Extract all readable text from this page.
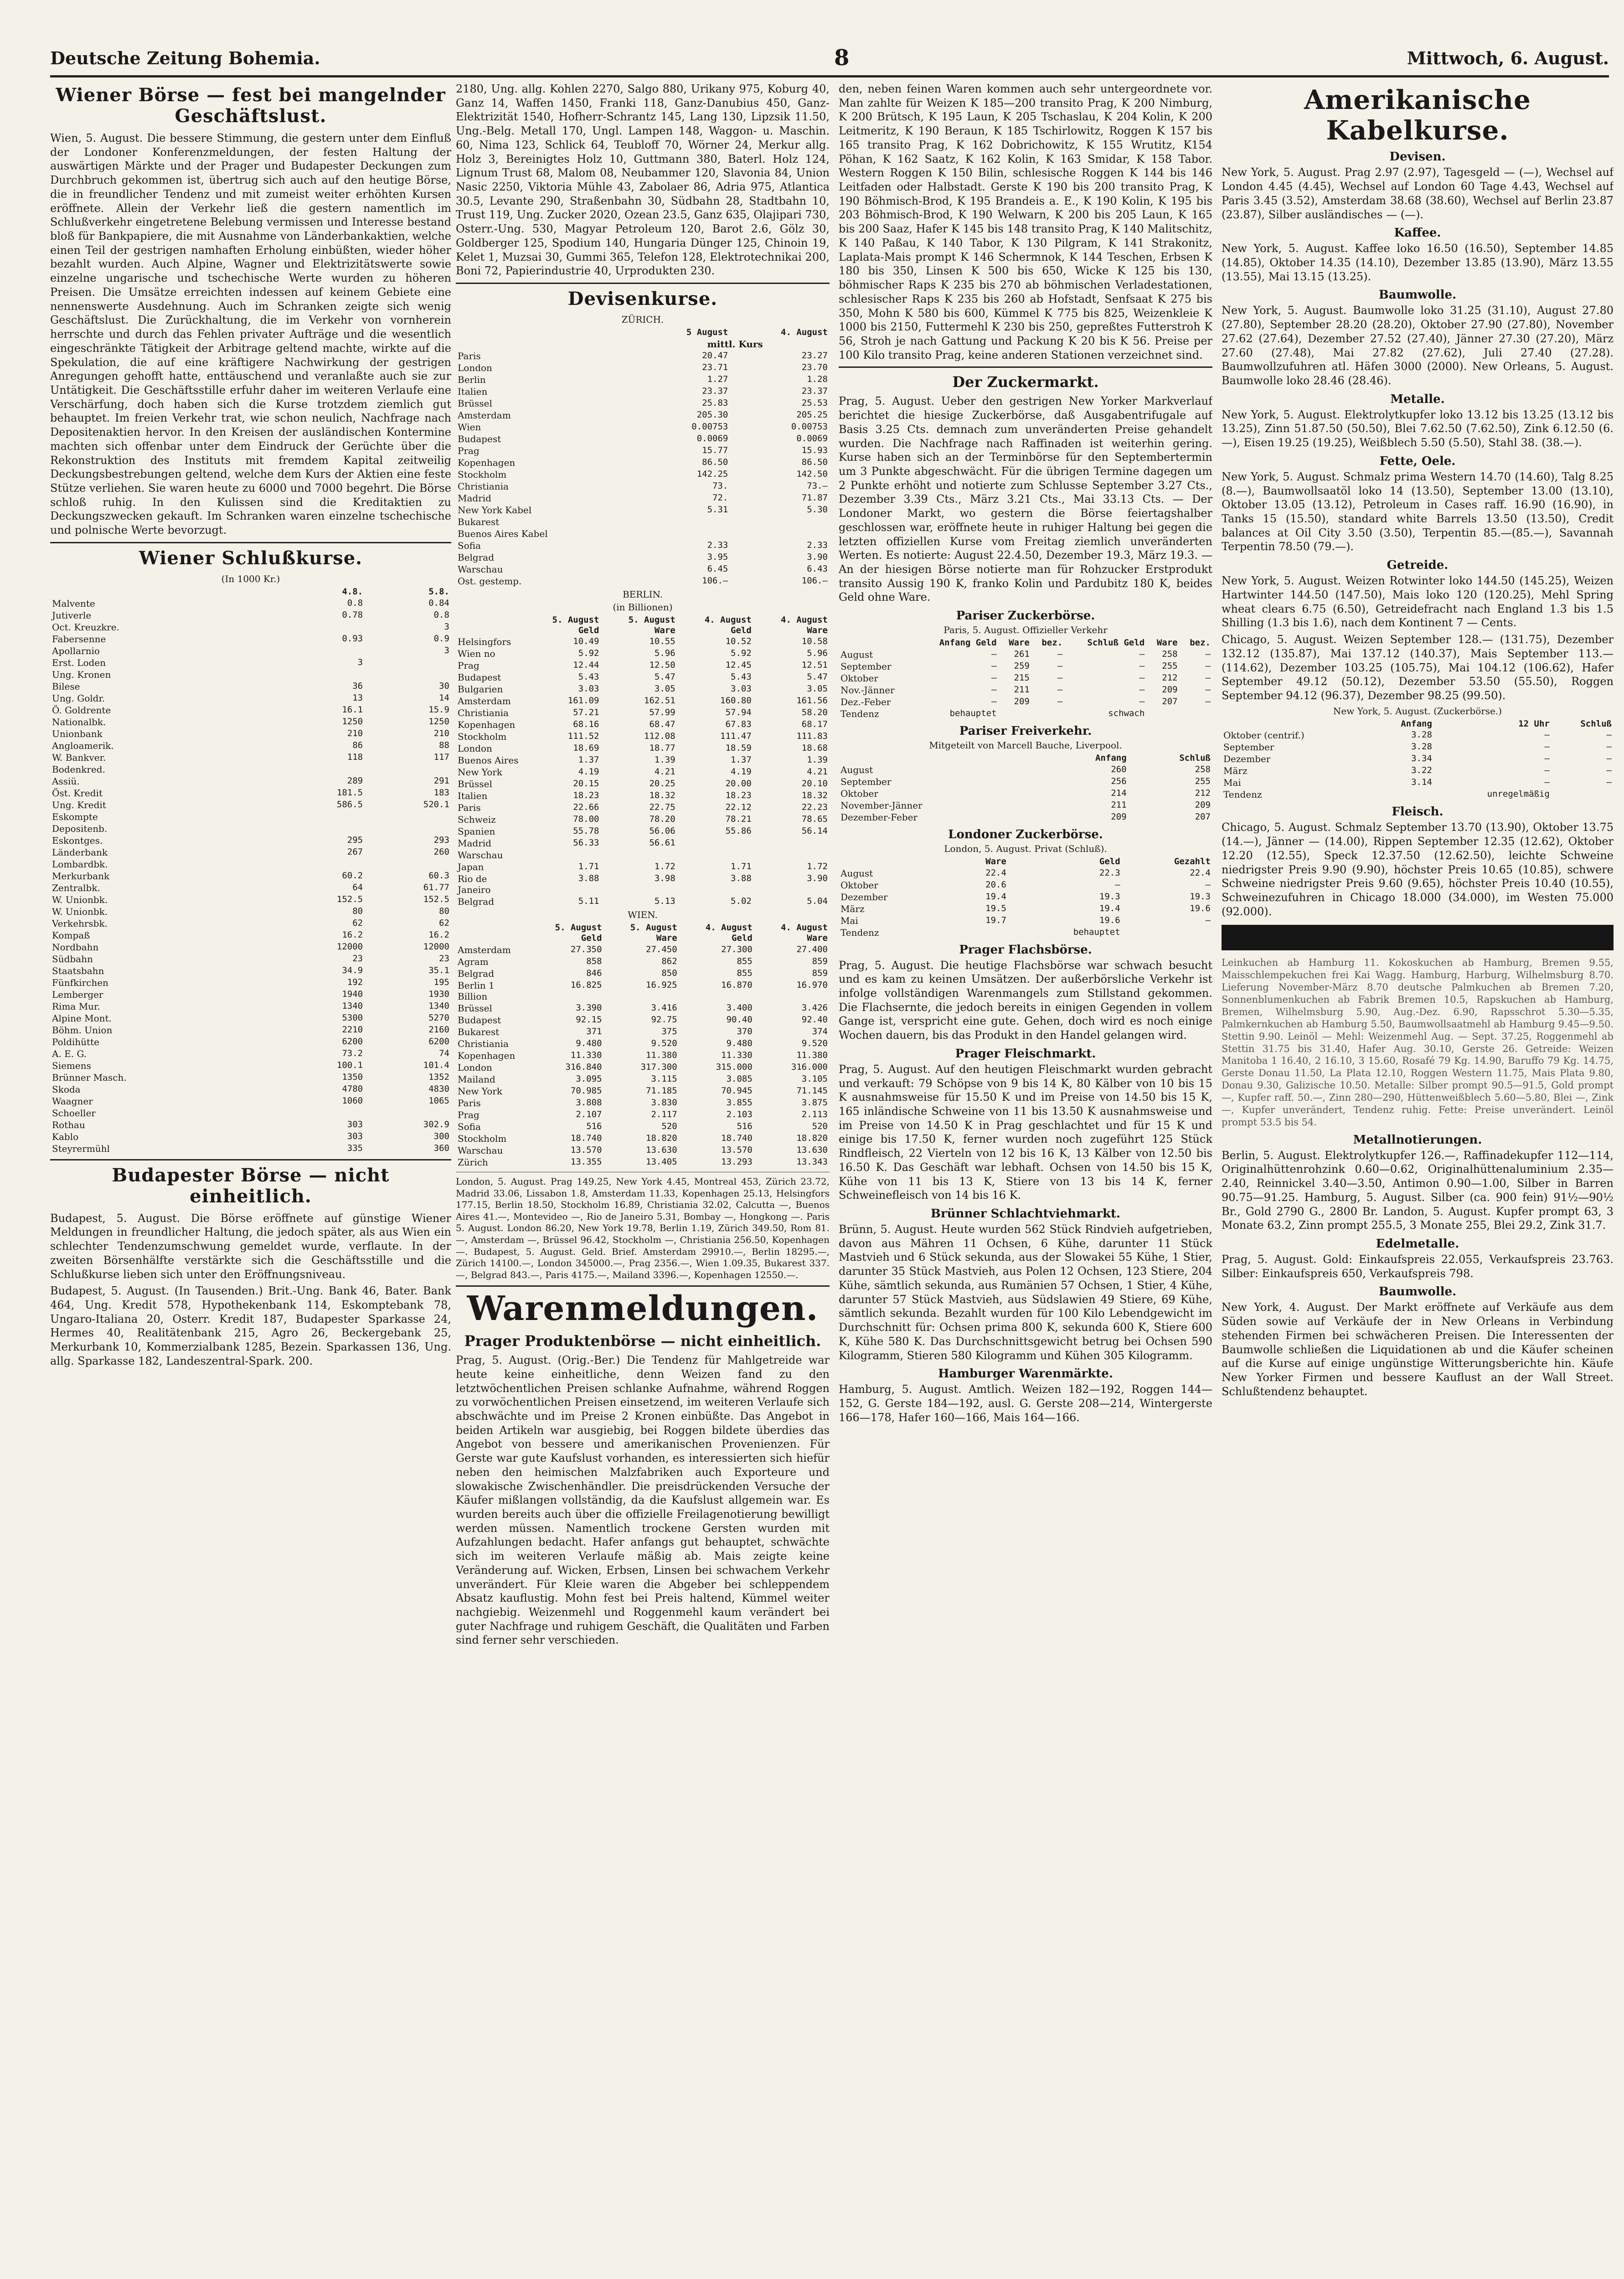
Deutsche Zeitung Bohemia.	8	Mittwoch, 6. August.
Wiener Börse — fest bei mangelnder Geschäftslust.

Wien, 5. August. Die bessere Stimmung, die gestern unter dem Einfluß der Londoner Konferenzmeldungen, der festen Haltung der auswärtigen Märkte und der Prager und Budapester Deckungen zum Durchbruch gekommen ist, übertrug sich auch auf den heutige Börse, die in freundlicher Tendenz und mit zumeist weiter erhöhten Kursen eröffnete. Allein der Verkehr ließ die gestern namentlich im Schlußverkehr eingetretene Belebung vermissen und Interesse bestand bloß für Bankpapiere, die mit Ausnahme von Länderbankaktien, welche einen Teil der gestrigen namhaften Erholung einbüßten, wieder höher bezahlt wurden. Auch Alpine, Wagner und Elektrizitätswerte sowie einzelne ungarische und tschechische Werte wurden zu höheren Preisen. Die Umsätze erreichten indessen auf keinem Gebiete eine nennenswerte Ausdehnung. Auch im Schranken zeigte sich wenig Geschäftslust. Die Zurückhaltung, die im Verkehr von vornherein herrschte und durch das Fehlen privater Aufträge und die wesentlich eingeschränkte Tätigkeit der Arbitrage geltend machte, wirkte auf die Spekulation, die auf eine kräftigere Nachwirkung der gestrigen Anregungen gehofft hatte, enttäuschend und veranlaßte auch sie zur Untätigkeit. Die Geschäftsstille erfuhr daher im weiteren Verlaufe eine Verschärfung, doch haben sich die Kurse trotzdem ziemlich gut behauptet. Im freien Verkehr trat, wie schon neulich, Nachfrage nach Depositenaktien hervor. In den Kreisen der ausländischen Kontermine machten sich offenbar unter dem Eindruck der Gerüchte über die Rekonstruktion des Instituts mit fremdem Kapital zeitweilig Deckungsbestrebungen geltend, welche dem Kurs der Aktien eine feste Stütze verliehen. Sie waren heute zu 6000 und 7000 begehrt. Die Börse schloß ruhig. In den Kulissen sind die Kreditaktien zu Deckungszwecken gekauft. Im Schranken waren einzelne tschechische und polnische Werte bevorzugt.

Wiener Schlußkurse.
(In 1000 Kr.)
	4.8.	5.8.
Malvente	0.8	0.84
Jutiverle	0.78	0.8
Oct. Kreuzkre.		3
Fabersenne	0.93	0.9
Apollarnio		3
Erst. Loden	3	
Ung. Kronen		
Bilese	36	30
Ung. Goldr.	13	14
Ö. Goldrente	16.1	15.9
Nationalbk.	1250	1250
Unionbank	210	210
Angloamerik.	86	88
W. Bankver.	118	117
Bodenkred.		
Assiü.	289	291
Öst. Kredit	181.5	183
Ung. Kredit	586.5	520.1
Eskompte		
Depositenb.		
Eskontges.	295	293
Länderbank	267	260
Lombardbk.		
Merkurbank	60.2	60.3
Zentralbk.	64	61.77
W. Unionbk.	152.5	152.5
W. Unionbk.	80	80
Verkehrsbk.	62	62
Kompaß	16.2	16.2
Nordbahn	12000	12000
Südbahn	23	23
Staatsbahn	34.9	35.1
Fünfkirchen	192	195
Lemberger	1940	1930
Rima Mur.	1340	1340
Alpine Mont.	5300	5270
Böhm. Union	2210	2160
Poldihütte	6200	6200
A. E. G.	73.2	74
Siemens	100.1	101.4
Brünner Masch.	1350	1352
Skoda	4780	4830
Waagner	1060	1065
Schoeller		
Rothau	303	302.9
Kablo	303	300
Steyrermühl	335	360
Budapester Börse — nicht einheitlich.

Budapest, 5. August. Die Börse eröffnete auf günstige Wiener Meldungen in freundlicher Haltung, die jedoch später, als aus Wien ein schlechter Tendenzumschwung gemeldet wurde, verflaute. In der zweiten Börsenhälfte verstärkte sich die Geschäftsstille und die Schlußkurse lieben sich unter den Eröffnungsniveau.

Budapest, 5. August. (In Tausenden.) Brit.-Ung. Bank 46, Bater. Bank 464, Ung. Kredit 578, Hypothekenbank 114, Eskomptebank 78, Ungaro-Italiana 20, Osterr. Kredit 187, Budapester Sparkasse 24, Hermes 40, Realitätenbank 215, Agro 26, Beckergebank 25, Merkurbank 10, Kommerzialbank 1285, Bezein. Sparkassen 136, Ung. allg. Sparkasse 182, Landeszentral-Spark. 200.

2180, Ung. allg. Kohlen 2270, Salgo 880, Urikany 975, Koburg 40, Ganz 14, Waffen 1450, Franki 118, Ganz-Danubius 450, Ganz-Elektrizität 1540, Hofherr-Schrantz 145, Lang 130, Lipzsik 11.50, Ung.-Belg. Metall 170, Ungl. Lampen 148, Waggon- u. Maschin. 60, Nima 123, Schlick 64, Teubloff 70, Wörner 24, Merkur allg. Holz 3, Bereinigtes Holz 10, Guttmann 380, Baterl. Holz 124, Lignum Trust 68, Malom 08, Neubammer 120, Slavonia 84, Union Nasic 2250, Viktoria Mühle 43, Zabolaer 86, Adria 975, Atlantica 30.5, Levante 290, Straßenbahn 30, Südbahn 28, Stadtbahn 10, Trust 119, Ung. Zucker 2020, Ozean 23.5, Ganz 635, Olajipari 730, Osterr.-Ung. 530, Magyar Petroleum 120, Barot 2.6, Gölz 30, Goldberger 125, Spodium 140, Hungaria Dünger 125, Chinoin 19, Kelet 1, Muzsai 30, Gummi 365, Telefon 128, Elektrotechnikai 200, Boni 72, Papierindustrie 40, Urprodukten 230.

Devisenkurse.
ZÜRICH.
	5 August	4. August
	mittl. Kurs	
Paris	20.47	23.27
London	23.71	23.70
Berlin	1.27	1.28
Italien	23.37	23.37
Brüssel	25.83	25.53
Amsterdam	205.30	205.25
Wien	0.00753	0.00753
Budapest	0.0069	0.0069
Prag	15.77	15.93
Kopenhagen	86.50	86.50
Stockholm	142.25	142.50
Christiania	73.	73.—
Madrid	72.	71.87
New York Kabel	5.31	5.30
Bukarest		
Buenos Aires Kabel		
Sofia	2.33	2.33
Belgrad	3.95	3.90
Warschau	6.45	6.43
Ost. gestemp.	106.—	106.—
BERLIN.
(in Billionen)
	5. August Geld	5. August Ware	4. August Geld	4. August Ware
Helsingfors	10.49	10.55	10.52	10.58
Wien no	5.92	5.96	5.92	5.96
Prag	12.44	12.50	12.45	12.51
Budapest	5.43	5.47	5.43	5.47
Bulgarien	3.03	3.05	3.03	3.05
Amsterdam	161.09	162.51	160.80	161.56
Christiania	57.21	57.99	57.94	58.20
Kopenhagen	68.16	68.47	67.83	68.17
Stockholm	111.52	112.08	111.47	111.83
London	18.69	18.77	18.59	18.68
Buenos Aires	1.37	1.39	1.37	1.39
New York	4.19	4.21	4.19	4.21
Brüssel	20.15	20.25	20.00	20.10
Italien	18.23	18.32	18.23	18.32
Paris	22.66	22.75	22.12	22.23
Schweiz	78.00	78.20	78.21	78.65
Spanien	55.78	56.06	55.86	56.14
Madrid	56.33	56.61		
Warschau				
Japan	1.71	1.72	1.71	1.72
Rio de Janeiro	3.88	3.98	3.88	3.90
Belgrad	5.11	5.13	5.02	5.04
WIEN.
	5. August Geld	5. August Ware	4. August Geld	4. August Ware
Amsterdam	27.350	27.450	27.300	27.400
Agram	858	862	855	859
Belgrad	846	850	855	859
Berlin 1 Billion	16.825	16.925	16.870	16.970
Brüssel	3.390	3.416	3.400	3.426
Budapest	92.15	92.75	90.40	92.40
Bukarest	371	375	370	374
Christiania	9.480	9.520	9.480	9.520
Kopenhagen	11.330	11.380	11.330	11.380
London	316.840	317.300	315.000	316.000
Mailand	3.095	3.115	3.085	3.105
New York	70.985	71.185	70.945	71.145
Paris	3.808	3.830	3.855	3.875
Prag	2.107	2.117	2.103	2.113
Sofia	516	520	516	520
Stockholm	18.740	18.820	18.740	18.820
Warschau	13.570	13.630	13.570	13.630
Zürich	13.355	13.405	13.293	13.343

London, 5. August. Prag 149.25, New York 4.45, Montreal 453, Zürich 23.72, Madrid 33.06, Lissabon 1.8, Amsterdam 11.33, Kopenhagen 25.13, Helsingfors 177.15, Berlin 18.50, Stockholm 16.89, Christiania 32.02, Calcutta —, Buenos Aires 41.—, Montevideo —, Rio de Janeiro 5.31, Bombay —, Hongkong —. Paris 5. August. London 86.20, New York 19.78, Berlin 1.19, Zürich 349.50, Rom 81.—, Amsterdam —, Brüssel 96.42, Stockholm —, Christiania 256.50, Kopenhagen —. Budapest, 5. August. Geld. Brief. Amsterdam 29910.—, Berlin 18295.—, Zürich 14100.—, London 345000.—, Prag 2356.—, Wien 1.09.35, Bukarest 337.—, Belgrad 843.—, Paris 4175.—, Mailand 3396.—, Kopenhagen 12550.—.

Warenmeldungen.
Prager Produktenbörse — nicht einheitlich.

Prag, 5. August. (Orig.-Ber.) Die Tendenz für Mahlgetreide war heute keine einheitliche, denn Weizen fand zu den letztwöchentlichen Preisen schlanke Aufnahme, während Roggen zu vorwöchentlichen Preisen einsetzend, im weiteren Verlaufe sich abschwächte und im Preise 2 Kronen einbüßte. Das Angebot in beiden Artikeln war ausgiebig, bei Roggen bildete überdies das Angebot von bessere und amerikanischen Provenienzen. Für Gerste war gute Kaufslust vorhanden, es interessierten sich hiefür neben den heimischen Malzfabriken auch Exporteure und slowakische Zwischenhändler. Die preisdrückenden Versuche der Käufer mißlangen vollständig, da die Kaufslust allgemein war. Es wurden bereits auch über die offizielle Freilagenotierung bewilligt werden müssen. Namentlich trockene Gersten wurden mit Aufzahlungen bedacht. Hafer anfangs gut behauptet, schwächte sich im weiteren Verlaufe mäßig ab. Mais zeigte keine Veränderung auf. Wicken, Erbsen, Linsen bei schwachem Verkehr unverändert. Für Kleie waren die Abgeber bei schleppendem Absatz kauflustig. Mohn fest bei Preis haltend, Kümmel weiter nachgiebig. Weizenmehl und Roggenmehl kaum verändert bei guter Nachfrage und ruhigem Geschäft, die Qualitäten und Farben sind ferner sehr verschieden.

den, neben feinen Waren kommen auch sehr untergeordnete vor. Man zahlte für Weizen K 185—200 transito Prag, K 200 Nimburg, K 200 Brütsch, K 195 Laun, K 205 Tschaslau, K 204 Kolin, K 200 Leitmeritz, K 190 Beraun, K 185 Tschirlowitz, Roggen K 157 bis 165 transito Prag, K 162 Dobrichowitz, K 155 Wrutitz, K154 Pöhan, K 162 Saatz, K 162 Kolin, K 163 Smidar, K 158 Tabor. Western Roggen K 150 Bilin, schlesische Roggen K 144 bis 146 Leitfaden oder Halbstadt. Gerste K 190 bis 200 transito Prag, K 190 Böhmisch-Brod, K 195 Brandeis a. E., K 190 Kolin, K 195 bis 203 Böhmisch-Brod, K 190 Welwarn, K 200 bis 205 Laun, K 165 bis 200 Saaz, Hafer K 145 bis 148 transito Prag, K 140 Malitschitz, K 140 Paßau, K 140 Tabor, K 130 Pilgram, K 141 Strakonitz, Laplata-Mais prompt K 146 Schermnok, K 144 Teschen, Erbsen K 180 bis 350, Linsen K 500 bis 650, Wicke K 125 bis 130, böhmischer Raps K 235 bis 270 ab böhmischen Verladestationen, schlesischer Raps K 235 bis 260 ab Hofstadt, Senfsaat K 275 bis 350, Mohn K 580 bis 600, Kümmel K 775 bis 825, Weizenkleie K 1000 bis 2150, Futtermehl K 230 bis 250, gepreßtes Futterstroh K 56, Stroh je nach Gattung und Packung K 20 bis K 56. Preise per 100 Kilo transito Prag, keine anderen Stationen verzeichnet sind.

Der Zuckermarkt.

Prag, 5. August. Ueber den gestrigen New Yorker Markverlauf berichtet die hiesige Zuckerbörse, daß Ausgabentrifugale auf Basis 3.25 Cts. demnach zum unveränderten Preise gehandelt wurden. Die Nachfrage nach Raffinaden ist weiterhin gering. Kurse haben sich an der Terminbörse für den Septembertermin um 3 Punkte abgeschwächt. Für die übrigen Termine dagegen um 2 Punkte erhöht und notierte zum Schlusse September 3.27 Cts., Dezember 3.39 Cts., März 3.21 Cts., Mai 33.13 Cts. — Der Londoner Markt, wo gestern die Börse feiertagshalber geschlossen war, eröffnete heute in ruhiger Haltung bei gegen die letzten offiziellen Kurse vom Freitag ziemlich unveränderten Werten. Es notierte: August 22.4.50, Dezember 19.3, März 19.3. — An der hiesigen Börse notierte man für Rohzucker Erstprodukt transito Aussig 190 K, franko Kolin und Pardubitz 180 K, beides Geld ohne Ware.

Pariser Zuckerbörse.
Paris, 5. August. Offizieller Verkehr
	Anfang Geld	Ware	bez.	Schluß Geld	Ware	bez.
August	—	261	—	—	258	—
September	—	259	—	—	255	—
Oktober	—	215	—	—	212	—
Nov.-Jänner	—	211	—	—	209	—
Dez.-Feber	—	209	—	—	207	—
Tendenz	behauptet			schwach		
Pariser Freiverkehr.
Mitgeteilt von Marcell Bauche, Liverpool.
	Anfang	Schluß
August	260	258
September	256	255
Oktober	214	212
November-Jänner	211	209
Dezember-Feber	209	207
Londoner Zuckerbörse.
London, 5. August. Privat (Schluß).
	Ware	Geld	Gezahlt
August	22.4	22.3	22.4
Oktober	20.6	—	—
Dezember	19.4	19.3	19.3
März	19.5	19.4	19.6
Mai	19.7	19.6	—
Tendenz		behauptet	
Prager Flachsbörse.

Prag, 5. August. Die heutige Flachsbörse war schwach besucht und es kam zu keinen Umsätzen. Der außerbörsliche Verkehr ist infolge vollständigen Warenmangels zum Stillstand gekommen. Die Flachsernte, die jedoch bereits in einigen Gegenden in vollem Gange ist, verspricht eine gute. Gehen, doch wird es noch einige Wochen dauern, bis das Produkt in den Handel gelangen wird.

Prager Fleischmarkt.

Prag, 5. August. Auf den heutigen Fleischmarkt wurden gebracht und verkauft: 79 Schöpse von 9 bis 14 K, 80 Kälber von 10 bis 15 K ausnahmsweise für 15.50 K und im Preise von 14.50 bis 15 K, 165 inländische Schweine von 11 bis 13.50 K ausnahmsweise und im Preise von 14.50 K in Prag geschlachtet und für 15 K und einige bis 17.50 K, ferner wurden noch zugeführt 125 Stück Rindfleisch, 22 Vierteln von 12 bis 16 K, 13 Kälber von 12.50 bis 16.50 K. Das Geschäft war lebhaft. Ochsen von 14.50 bis 15 K, Kühe von 11 bis 13 K, Stiere von 13 bis 14 K, ferner Schweinefleisch von 14 bis 16 K.

Brünner Schlachtviehmarkt.

Brünn, 5. August. Heute wurden 562 Stück Rindvieh aufgetrieben, davon aus Mähren 11 Ochsen, 6 Kühe, darunter 11 Stück Mastvieh und 6 Stück sekunda, aus der Slowakei 55 Kühe, 1 Stier, darunter 35 Stück Mastvieh, aus Polen 12 Ochsen, 123 Stiere, 204 Kühe, sämtlich sekunda, aus Rumänien 57 Ochsen, 1 Stier, 4 Kühe, darunter 57 Stück Mastvieh, aus Südslawien 49 Stiere, 69 Kühe, sämtlich sekunda. Bezahlt wurden für 100 Kilo Lebendgewicht im Durchschnitt für: Ochsen prima 800 K, sekunda 600 K, Stiere 600 K, Kühe 580 K. Das Durchschnittsgewicht betrug bei Ochsen 590 Kilogramm, Stieren 580 Kilogramm und Kühen 305 Kilogramm.

Hamburger Warenmärkte.

Hamburg, 5. August. Amtlich. Weizen 182—192, Roggen 144—152, G. Gerste 184—192, ausl. G. Gerste 208—214, Wintergerste 166—178, Hafer 160—166, Mais 164—166.

Amerikanische Kabelkurse.
Devisen.

New York, 5. August. Prag 2.97 (2.97), Tagesgeld — (—), Wechsel auf London 4.45 (4.45), Wechsel auf London 60 Tage 4.43, Wechsel auf Paris 3.45 (3.52), Amsterdam 38.68 (38.60), Wechsel auf Berlin 23.87 (23.87), Silber ausländisches — (—).

Kaffee.

New York, 5. August. Kaffee loko 16.50 (16.50), September 14.85 (14.85), Oktober 14.35 (14.10), Dezember 13.85 (13.90), März 13.55 (13.55), Mai 13.15 (13.25).

Baumwolle.

New York, 5. August. Baumwolle loko 31.25 (31.10), August 27.80 (27.80), September 28.20 (28.20), Oktober 27.90 (27.80), November 27.62 (27.64), Dezember 27.52 (27.40), Jänner 27.30 (27.20), März 27.60 (27.48), Mai 27.82 (27.62), Juli 27.40 (27.28). Baumwollzufuhren atl. Häfen 3000 (2000). New Orleans, 5. August. Baumwolle loko 28.46 (28.46).

Metalle.

New York, 5. August. Elektrolytkupfer loko 13.12 bis 13.25 (13.12 bis 13.25), Zinn 51.87.50 (50.50), Blei 7.62.50 (7.62.50), Zink 6.12.50 (6.—), Eisen 19.25 (19.25), Weißblech 5.50 (5.50), Stahl 38. (38.—).

Fette, Oele.

New York, 5. August. Schmalz prima Western 14.70 (14.60), Talg 8.25 (8.—), Baumwollsaatöl loko 14 (13.50), September 13.00 (13.10), Oktober 13.05 (13.12), Petroleum in Cases raff. 16.90 (16.90), in Tanks 15 (15.50), standard white Barrels 13.50 (13.50), Credit balances at Oil City 3.50 (3.50), Terpentin 85.—(85.—), Savannah Terpentin 78.50 (79.—).

Getreide.

New York, 5. August. Weizen Rotwinter loko 144.50 (145.25), Weizen Hartwinter 144.50 (147.50), Mais loko 120 (120.25), Mehl Spring wheat clears 6.75 (6.50), Getreidefracht nach England 1.3 bis 1.5 Shilling (1.3 bis 1.6), nach dem Kontinent 7 — Cents.

Chicago, 5. August. Weizen September 128.— (131.75), Dezember 132.12 (135.87), Mai 137.12 (140.37), Mais September 113.— (114.62), Dezember 103.25 (105.75), Mai 104.12 (106.62), Hafer September 49.12 (50.12), Dezember 53.50 (55.50), Roggen September 94.12 (96.37), Dezember 98.25 (99.50).

New York, 5. August. (Zuckerbörse.)
	Anfang	12 Uhr	Schluß
Oktober (centrif.)	3.28	—	—
September	3.28	—	—
Dezember	3.34	—	—
März	3.22	—	—
Mai	3.14	—	—
Tendenz		unregelmäßig	
Fleisch.

Chicago, 5. August. Schmalz September 13.70 (13.90), Oktober 13.75 (14.—), Jänner — (14.00), Rippen September 12.35 (12.62), Oktober 12.20 (12.55), Speck 12.37.50 (12.62.50), leichte Schweine niedrigster Preis 9.90 (9.90), höchster Preis 10.65 (10.85), schwere Schweine niedrigster Preis 9.60 (9.65), höchster Preis 10.40 (10.55), Schweinezufuhren in Chicago 18.000 (34.000), im Westen 75.000 (92.000).

Leinkuchen ab Hamburg 11. Kokoskuchen ab Hamburg, Bremen 9.55, Maisschlempekuchen frei Kai Wagg. Hamburg, Harburg, Wilhelmsburg 8.70. Lieferung November-März 8.70 deutsche Palmkuchen ab Bremen 7.20, Sonnenblumenkuchen ab Fabrik Bremen 10.5, Rapskuchen ab Hamburg, Bremen, Wilhelmsburg 5.90, Aug.-Dez. 6.90, Rapsschrot 5.30—5.35, Palmkernkuchen ab Hamburg 5.50, Baumwollsaatmehl ab Hamburg 9.45—9.50. Stettin 9.90. Leinöl — Mehl: Weizenmehl Aug. — Sept. 37.25, Roggenmehl ab Stettin 31.75 bis 31.40, Hafer Aug. 30.10, Gerste 26. Getreide: Weizen Manitoba 1 16.40, 2 16.10, 3 15.60, Rosafé 79 Kg. 14.90, Baruffo 79 Kg. 14.75, Gerste Donau 11.50, La Plata 12.10, Roggen Western 11.75, Mais Plata 9.80, Donau 9.30, Galizische 10.50. Metalle: Silber prompt 90.5—91.5, Gold prompt —, Kupfer raff. 50.—, Zinn 280—290, Hüttenweißblech 5.60—5.80, Blei —, Zink —, Kupfer unverändert, Tendenz ruhig. Fette: Preise unverändert. Leinöl prompt 53.5 bis 54.

Metallnotierungen.

Berlin, 5. August. Elektrolytkupfer 126.—, Raffinadekupfer 112—114, Originalhüttenrohzink 0.60—0.62, Originalhüttenaluminium 2.35—2.40, Reinnickel 3.40—3.50, Antimon 0.90—1.00, Silber in Barren 90.75—91.25. Hamburg, 5. August. Silber (ca. 900 fein) 91½—90½ Br., Gold 2790 G., 2800 Br. Landon, 5. August. Kupfer prompt 63, 3 Monate 63.2, Zinn prompt 255.5, 3 Monate 255, Blei 29.2, Zink 31.7.

Edelmetalle.

Prag, 5. August. Gold: Einkaufspreis 22.055, Verkaufspreis 23.763. Silber: Einkaufspreis 650, Verkaufspreis 798.

Baumwolle.

New York, 4. August. Der Markt eröffnete auf Verkäufe aus dem Süden sowie auf Verkäufe der in New Orleans in Verbindung stehenden Firmen bei schwächeren Preisen. Die Interessenten der Baumwolle schließen die Liquidationen ab und die Käufer scheinen auf die Kurse auf einige ungünstige Witterungsberichte hin. Käufe New Yorker Firmen und bessere Kauflust an der Wall Street. Schlußtendenz behauptet.
